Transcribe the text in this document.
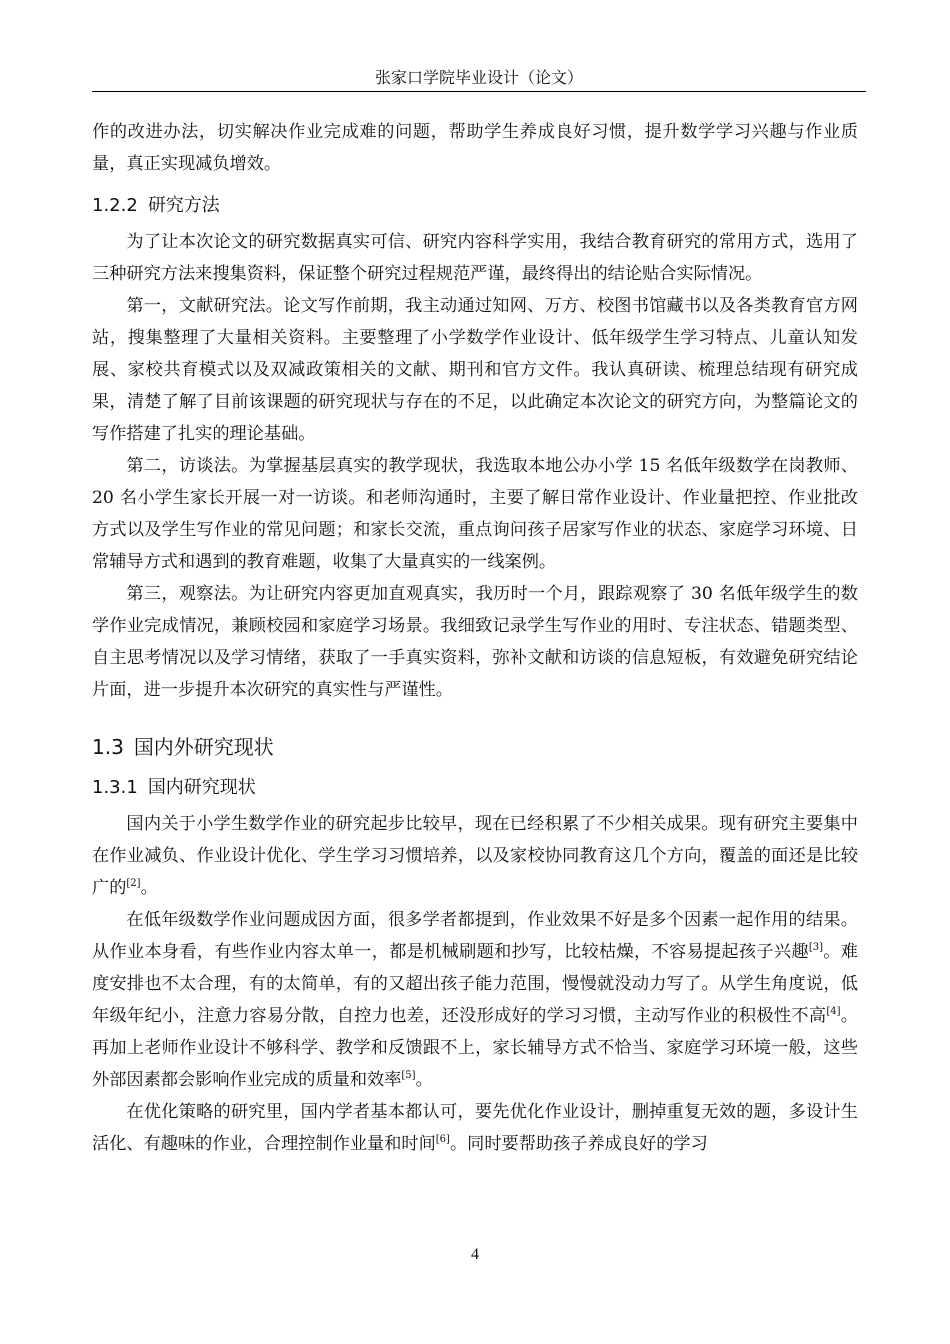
张家口学院毕业设计（论文）

作的改进办法，切实解决作业完成难的问题，帮助学生养成良好习惯，提升数学学习兴趣与作业质量，真正实现减负增效。

1.2.2 研究方法

为了让本次论文的研究数据真实可信、研究内容科学实用，我结合教育研究的常用方式，选用了三种研究方法来搜集资料，保证整个研究过程规范严谨，最终得出的结论贴合实际情况。

第一，文献研究法。论文写作前期，我主动通过知网、万方、校图书馆藏书以及各类教育官方网站，搜集整理了大量相关资料。主要整理了小学数学作业设计、低年级学生学习特点、儿童认知发展、家校共育模式以及双减政策相关的文献、期刊和官方文件。我认真研读、梳理总结现有研究成果，清楚了解了目前该课题的研究现状与存在的不足，以此确定本次论文的研究方向，为整篇论文的写作搭建了扎实的理论基础。

第二，访谈法。为掌握基层真实的教学现状，我选取本地公办小学 15 名低年级数学在岗教师、20 名小学生家长开展一对一访谈。和老师沟通时，主要了解日常作业设计、作业量把控、作业批改方式以及学生写作业的常见问题；和家长交流，重点询问孩子居家写作业的状态、家庭学习环境、日常辅导方式和遇到的教育难题，收集了大量真实的一线案例。

第三，观察法。为让研究内容更加直观真实，我历时一个月，跟踪观察了 30 名低年级学生的数学作业完成情况，兼顾校园和家庭学习场景。我细致记录学生写作业的用时、专注状态、错题类型、自主思考情况以及学习情绪，获取了一手真实资料，弥补文献和访谈的信息短板，有效避免研究结论片面，进一步提升本次研究的真实性与严谨性。

1.3 国内外研究现状
1.3.1 国内研究现状

国内关于小学生数学作业的研究起步比较早，现在已经积累了不少相关成果。现有研究主要集中在作业减负、作业设计优化、学生学习习惯培养，以及家校协同教育这几个方向，覆盖的面还是比较广的[2]。

在低年级数学作业问题成因方面，很多学者都提到，作业效果不好是多个因素一起作用的结果。从作业本身看，有些作业内容太单一，都是机械刷题和抄写，比较枯燥，不容易提起孩子兴趣[3]。难度安排也不太合理，有的太简单，有的又超出孩子能力范围，慢慢就没动力写了。从学生角度说，低年级年纪小，注意力容易分散，自控力也差，还没形成好的学习习惯，主动写作业的积极性不高[4]。再加上老师作业设计不够科学、教学和反馈跟不上，家长辅导方式不恰当、家庭学习环境一般，这些外部因素都会影响作业完成的质量和效率[5]。

在优化策略的研究里，国内学者基本都认可，要先优化作业设计，删掉重复无效的题，多设计生活化、有趣味的作业，合理控制作业量和时间[6]。同时要帮助孩子养成良好的学习

4
